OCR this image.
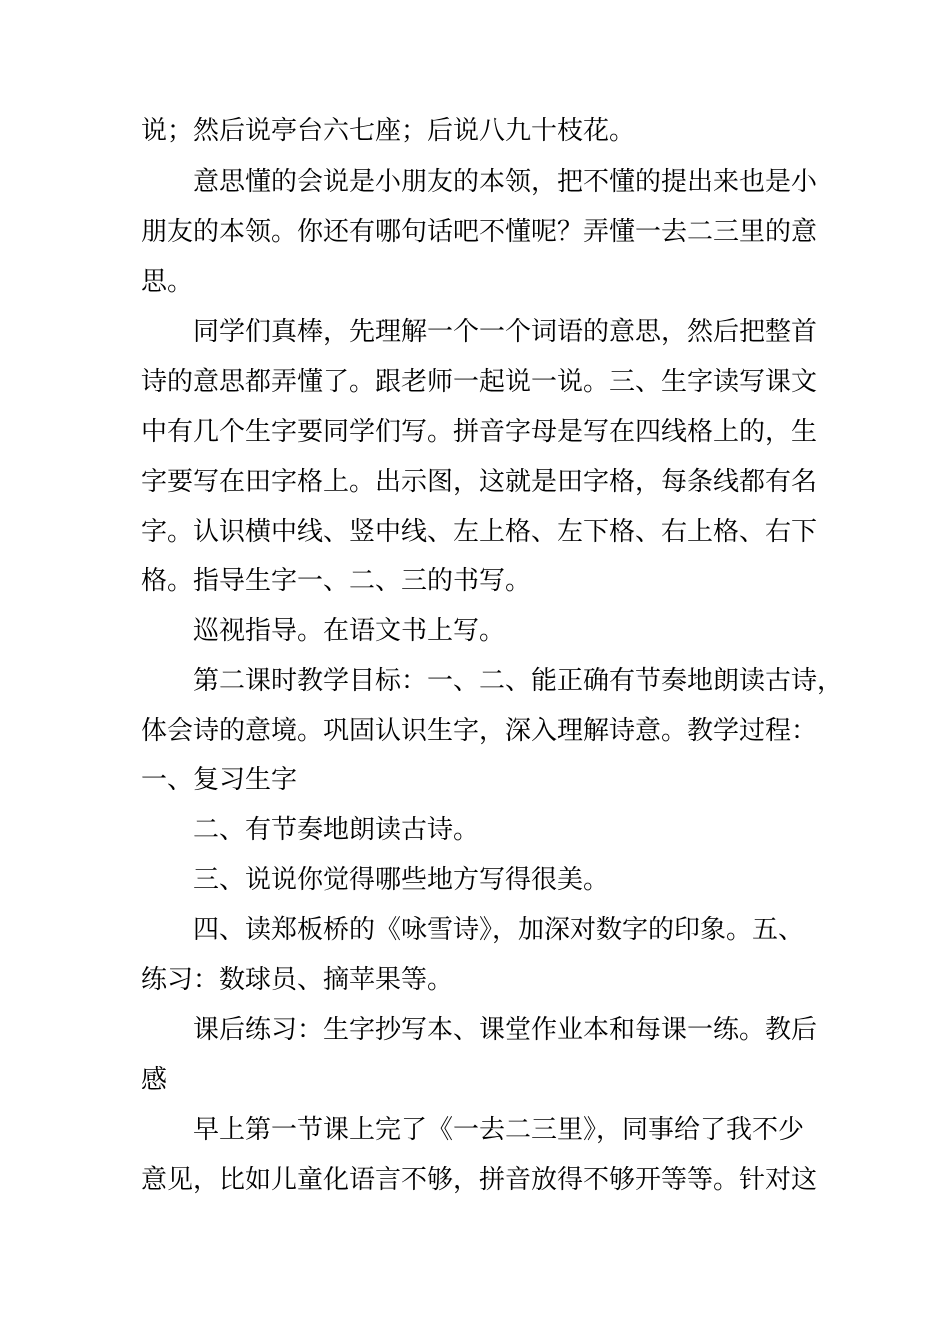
说；然后说亭台六七座；后说八九十枝花。

意思懂的会说是小朋友的本领，把不懂的提出来也是小

朋友的本领。你还有哪句话吧不懂呢？弄懂一去二三里的意

思。

同学们真棒，先理解一个一个词语的意思，然后把整首

诗的意思都弄懂了。跟老师一起说一说。三、生字读写课文

中有几个生字要同学们写。拼音字母是写在四线格上的，生

字要写在田字格上。出示图，这就是田字格，每条线都有名

字。认识横中线、竖中线、左上格、左下格、右上格、右下

格。指导生字一、二、三的书写。

巡视指导。在语文书上写。

第二课时教学目标：一、二、能正确有节奏地朗读古诗，

体会诗的意境。巩固认识生字，深入理解诗意。教学过程：

一、复习生字

二、有节奏地朗读古诗。

三、说说你觉得哪些地方写得很美。

四、读郑板桥的《咏雪诗》，加深对数字的印象。五、

练习：数球员、摘苹果等。

课后练习：生字抄写本、课堂作业本和每课一练。教后

感

早上第一节课上完了《一去二三里》，同事给了我不少

意见，比如儿童化语言不够，拼音放得不够开等等。针对这
